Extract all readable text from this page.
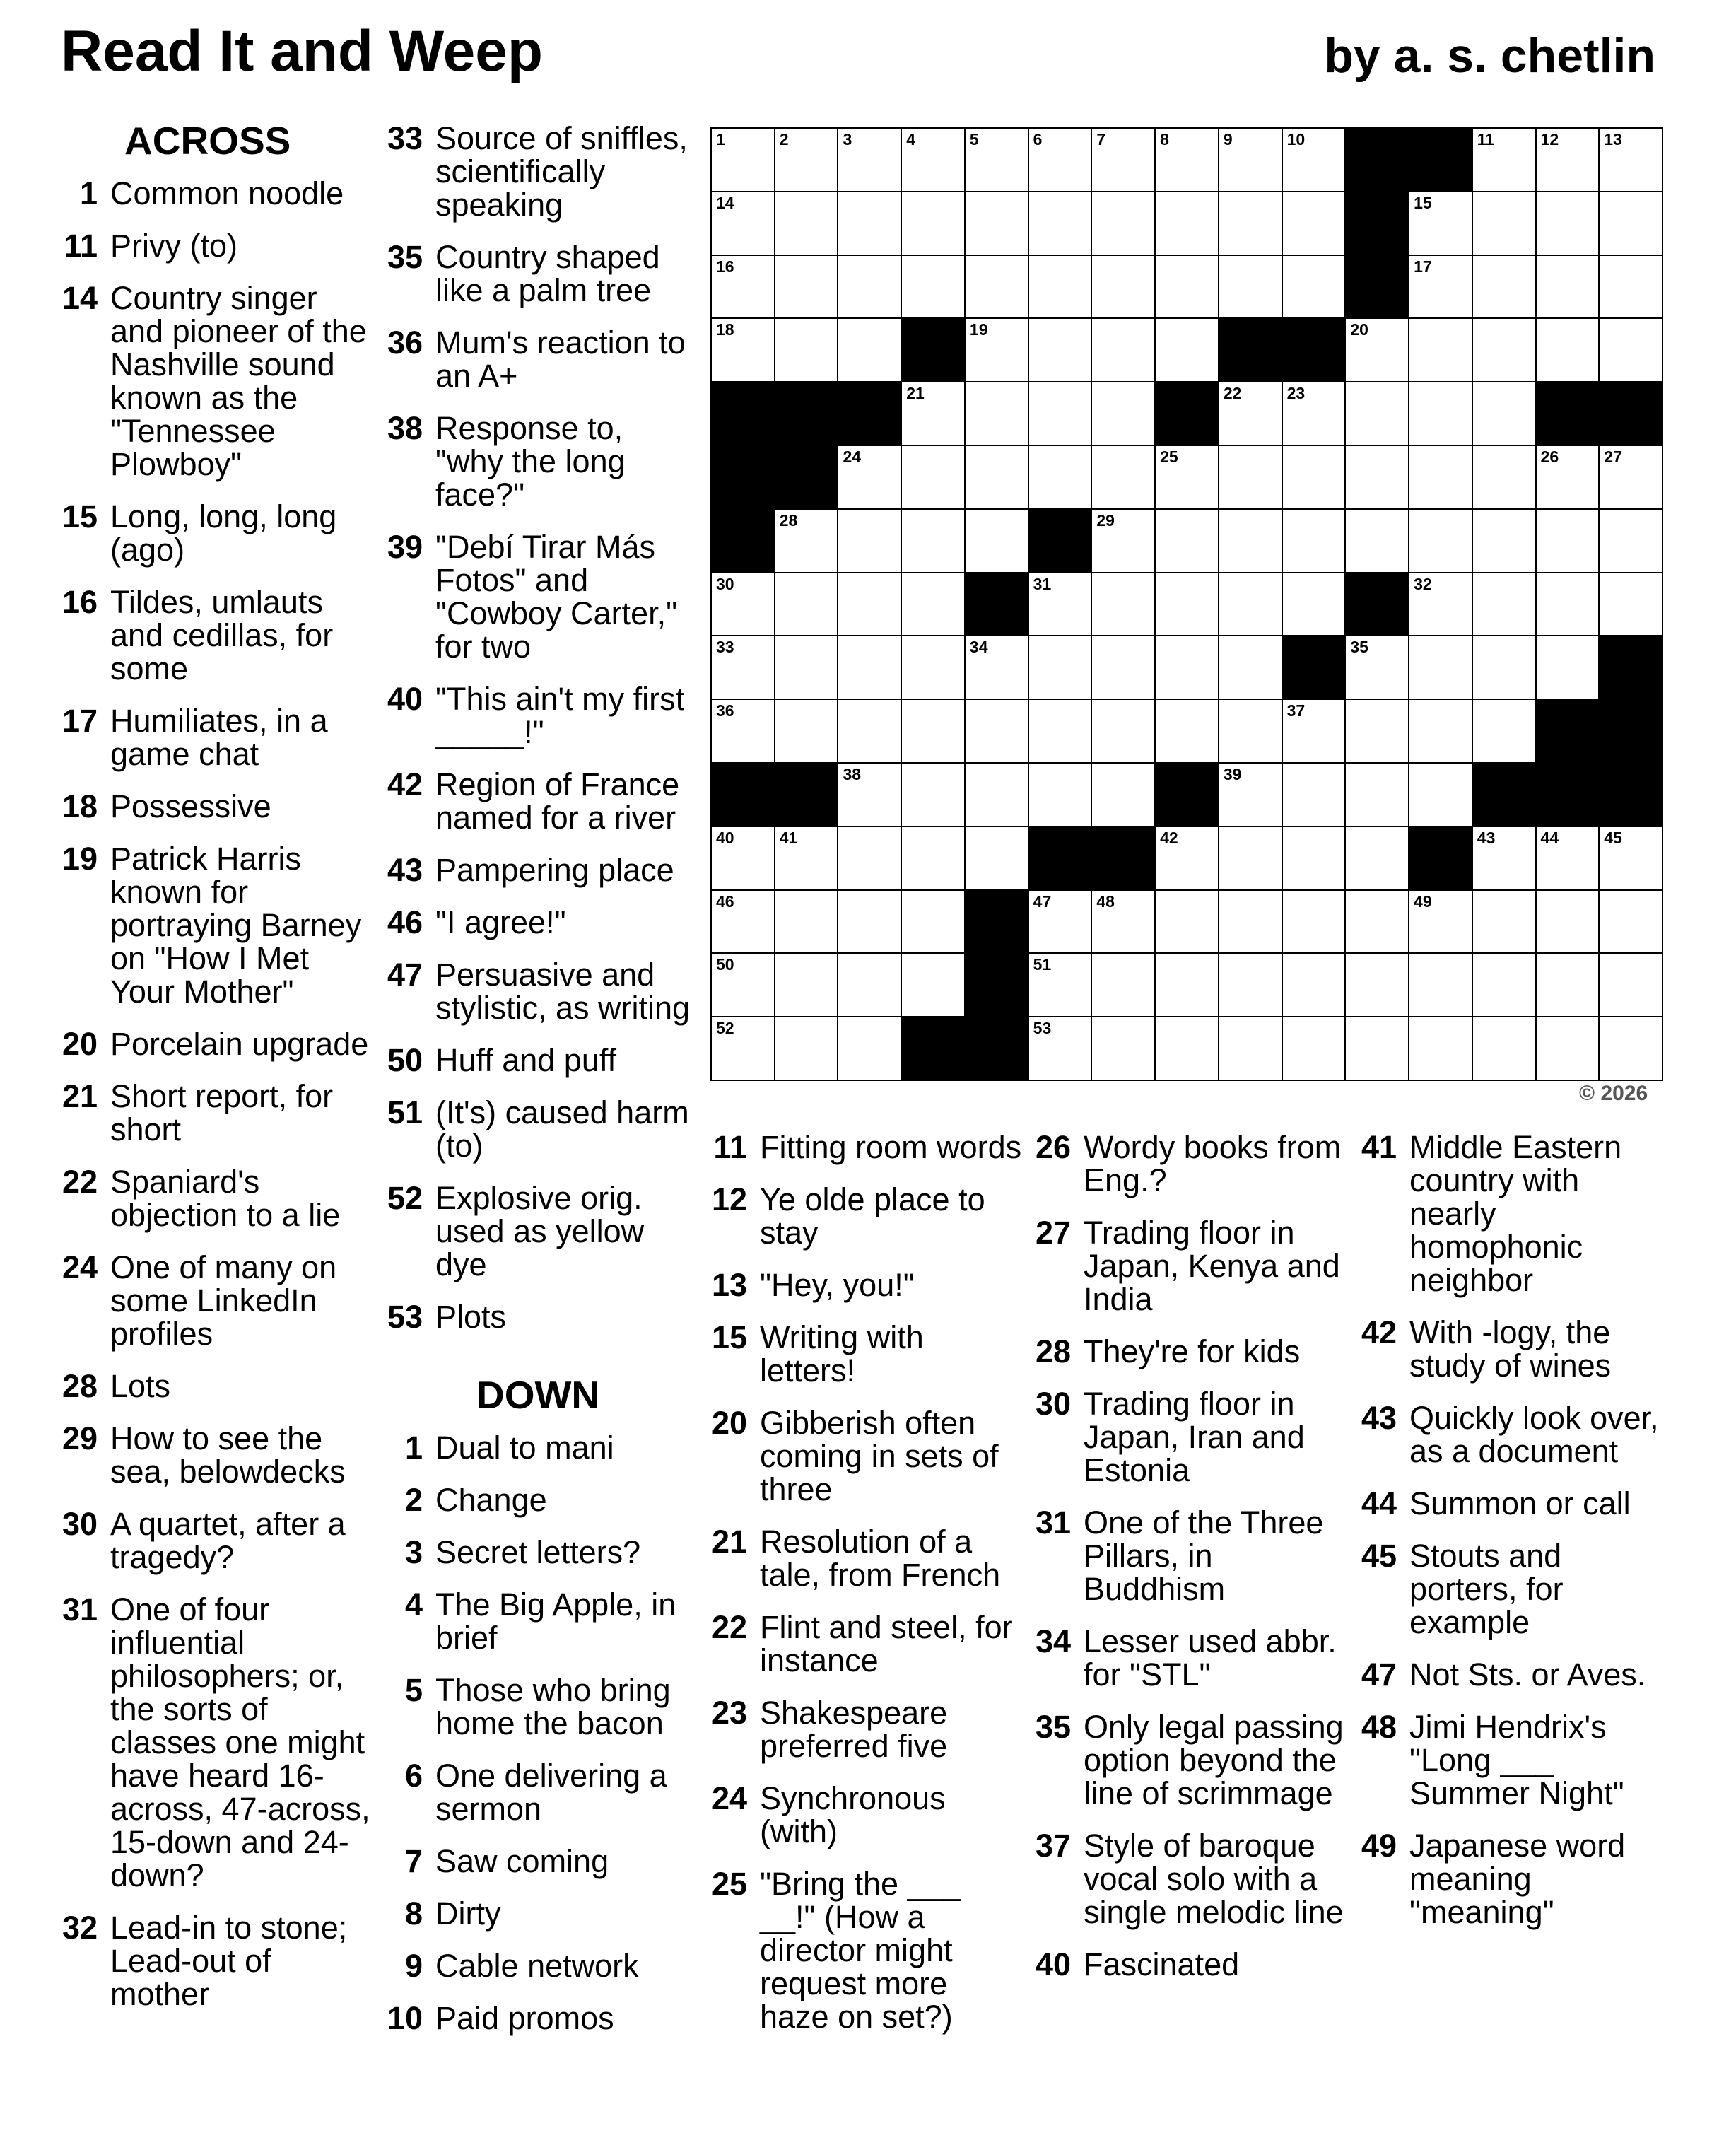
Read It and Weep	by a. s. chetlin
ACROSS
1 Common noodle
11 Privy (to)
14 Country singer and pioneer of the Nashville sound known as the "Tennessee Plowboy"
15 Long, long, long (ago)
16 Tildes, umlauts and cedillas, for some
17 Humiliates, in a game chat
18 Possessive
19 Patrick Harris known for portraying Barney on "How I Met Your Mother"
20 Porcelain upgrade
21 Short report, for short
22 Spaniard's objection to a lie
24 One of many on some LinkedIn profiles
28 Lots
29 How to see the sea, belowdecks
30 A quartet, after a tragedy?
31 One of four influential philosophers; or, the sorts of classes one might have heard 16-across, 47-across, 15-down and 24-down?
32 Lead-in to stone; Lead-out of mother
33 Source of sniffles, scientifically speaking
35 Country shaped like a palm tree
36 Mum's reaction to an A+
38 Response to, "why the long face?"
39 "Debí Tirar Más Fotos" and "Cowboy Carter," for two
40 "This ain't my first _____!"
42 Region of France named for a river
43 Pampering place
46 "I agree!"
47 Persuasive and stylistic, as writing
50 Huff and puff
51 (It's) caused harm (to)
52 Explosive orig. used as yellow dye
53 Plots
DOWN
1 Dual to mani
2 Change
3 Secret letters?
4 The Big Apple, in brief
5 Those who bring home the bacon
6 One delivering a sermon
7 Saw coming
8 Dirty
9 Cable network
10 Paid promos
11 Fitting room words
12 Ye olde place to stay
13 "Hey, you!"
15 Writing with letters!
20 Gibberish often coming in sets of three
21 Resolution of a tale, from French
22 Flint and steel, for instance
23 Shakespeare preferred five
24 Synchronous (with)
25 "Bring the ___ __!" (How a director might request more haze on set?)
26 Wordy books from Eng.?
27 Trading floor in Japan, Kenya and India
28 They're for kids
30 Trading floor in Japan, Iran and Estonia
31 One of the Three Pillars, in Buddhism
34 Lesser used abbr. for "STL"
35 Only legal passing option beyond the line of scrimmage
37 Style of baroque vocal solo with a single melodic line
40 Fascinated
41 Middle Eastern country with nearly homophonic neighbor
42 With -logy, the study of wines
43 Quickly look over, as a document
44 Summon or call
45 Stouts and porters, for example
47 Not Sts. or Aves.
48 Jimi Hendrix's "Long ___ Summer Night"
49 Japanese word meaning "meaning"
1	2	3	4	5	6	7	8	9	10	11	12	13
14	15
16	17
18	19	20
21	22	23
24	25	26	27
28	29
30	31	32
33	34	35
36	37
38	39
40	41	42	43	44	45
46	47	48	49
50	51
52	53
© 2026
